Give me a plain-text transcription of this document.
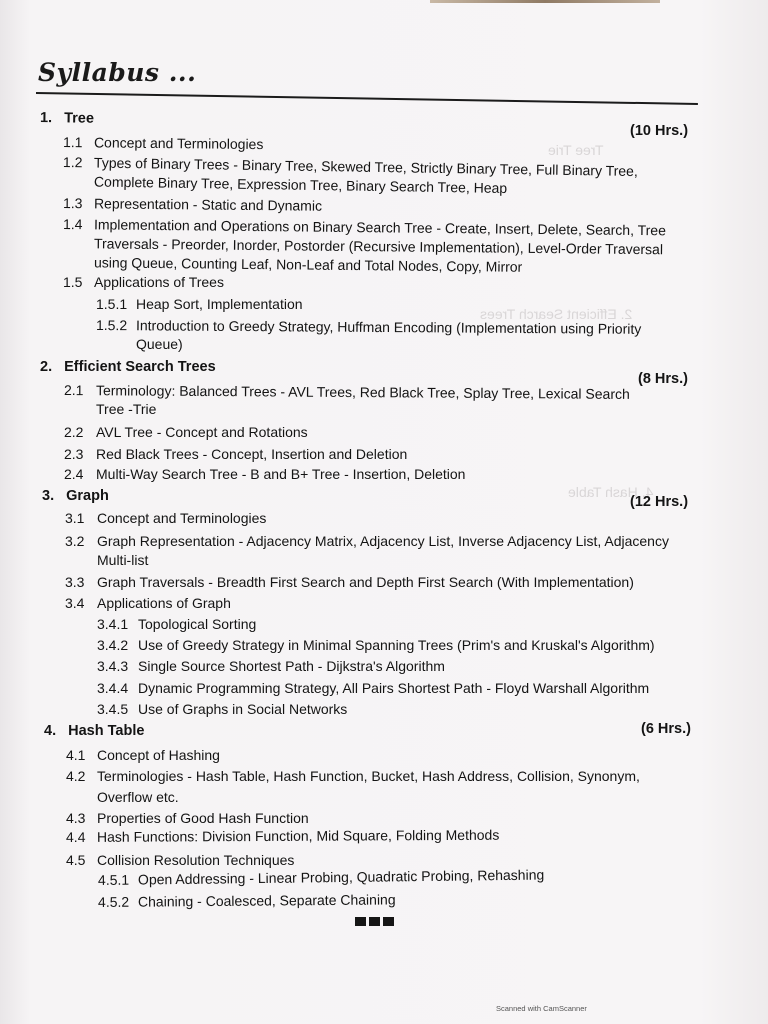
Tree Trie
2. Efficient Search Trees
4. Hash Table
Syllabus ...
1. Tree
(10 Hrs.)
2. Efficient Search Trees
(8 Hrs.)
3. Graph	(12 Hrs.)
4. Hash Table	(6 Hrs.)
1.1 Concept and Terminologies
1.2 Types of Binary Trees - Binary Tree, Skewed Tree, Strictly Binary Tree, Full Binary Tree,
Complete Binary Tree, Expression Tree, Binary Search Tree, Heap
1.3 Representation - Static and Dynamic
1.4 Implementation and Operations on Binary Search Tree - Create, Insert, Delete, Search, Tree
Traversals - Preorder, Inorder, Postorder (Recursive Implementation), Level-Order Traversal
using Queue, Counting Leaf, Non-Leaf and Total Nodes, Copy, Mirror
1.5 Applications of Trees
1.5.1 Heap Sort, Implementation
1.5.2 Introduction to Greedy Strategy, Huffman Encoding (Implementation using Priority
Queue)
2.1 Terminology: Balanced Trees - AVL Trees, Red Black Tree, Splay Tree, Lexical Search
Tree -Trie
2.2 AVL Tree - Concept and Rotations
2.3 Red Black Trees - Concept, Insertion and Deletion
2.4 Multi-Way Search Tree - B and B+ Tree - Insertion, Deletion
3.1 Concept and Terminologies
3.2 Graph Representation - Adjacency Matrix, Adjacency List, Inverse Adjacency List, Adjacency
Multi-list
3.3 Graph Traversals - Breadth First Search and Depth First Search (With Implementation)
3.4 Applications of Graph
3.4.1 Topological Sorting
3.4.2 Use of Greedy Strategy in Minimal Spanning Trees (Prim's and Kruskal's Algorithm)
3.4.3 Single Source Shortest Path - Dijkstra's Algorithm
3.4.4 Dynamic Programming Strategy, All Pairs Shortest Path - Floyd Warshall Algorithm
3.4.5 Use of Graphs in Social Networks
4.1 Concept of Hashing
4.2 Terminologies - Hash Table, Hash Function, Bucket, Hash Address, Collision, Synonym,
Overflow etc.
4.3 Properties of Good Hash Function
4.4 Hash Functions: Division Function, Mid Square, Folding Methods
4.5 Collision Resolution Techniques
4.5.1 Open Addressing - Linear Probing, Quadratic Probing, Rehashing
4.5.2 Chaining - Coalesced, Separate Chaining
Scanned with CamScanner
